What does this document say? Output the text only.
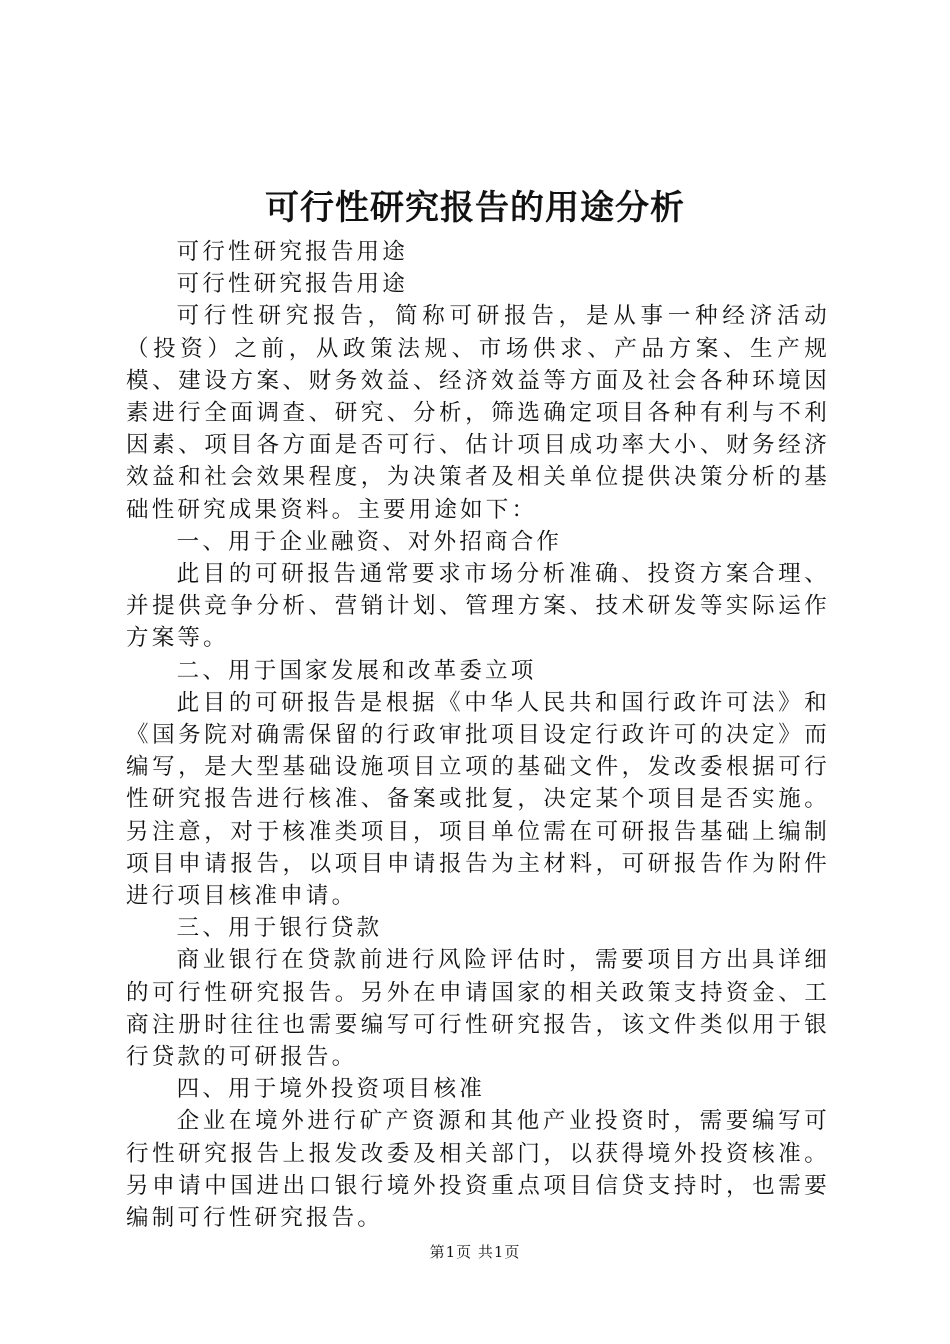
可行性研究报告的用途分析

可行性研究报告用途

可行性研究报告用途

可行性研究报告，简称可研报告，是从事一种经济活动（投资）之前，从政策法规、市场供求、产品方案、生产规模、建设方案、财务效益、经济效益等方面及社会各种环境因素进行全面调查、研究、分析，筛选确定项目各种有利与不利因素、项目各方面是否可行、估计项目成功率大小、财务经济效益和社会效果程度，为决策者及相关单位提供决策分析的基础性研究成果资料。主要用途如下：

一、用于企业融资、对外招商合作

此目的可研报告通常要求市场分析准确、投资方案合理、并提供竞争分析、营销计划、管理方案、技术研发等实际运作方案等。

二、用于国家发展和改革委立项

此目的可研报告是根据《中华人民共和国行政许可法》和《国务院对确需保留的行政审批项目设定行政许可的决定》而编写，是大型基础设施项目立项的基础文件，发改委根据可行性研究报告进行核准、备案或批复，决定某个项目是否实施。另注意，对于核准类项目，项目单位需在可研报告基础上编制项目申请报告，以项目申请报告为主材料，可研报告作为附件进行项目核准申请。

三、用于银行贷款

商业银行在贷款前进行风险评估时，需要项目方出具详细的可行性研究报告。另外在申请国家的相关政策支持资金、工商注册时往往也需要编写可行性研究报告，该文件类似用于银行贷款的可研报告。

四、用于境外投资项目核准

企业在境外进行矿产资源和其他产业投资时，需要编写可行性研究报告上报发改委及相关部门，以获得境外投资核准。另申请中国进出口银行境外投资重点项目信贷支持时，也需要编制可行性研究报告。

第1页 共1页
